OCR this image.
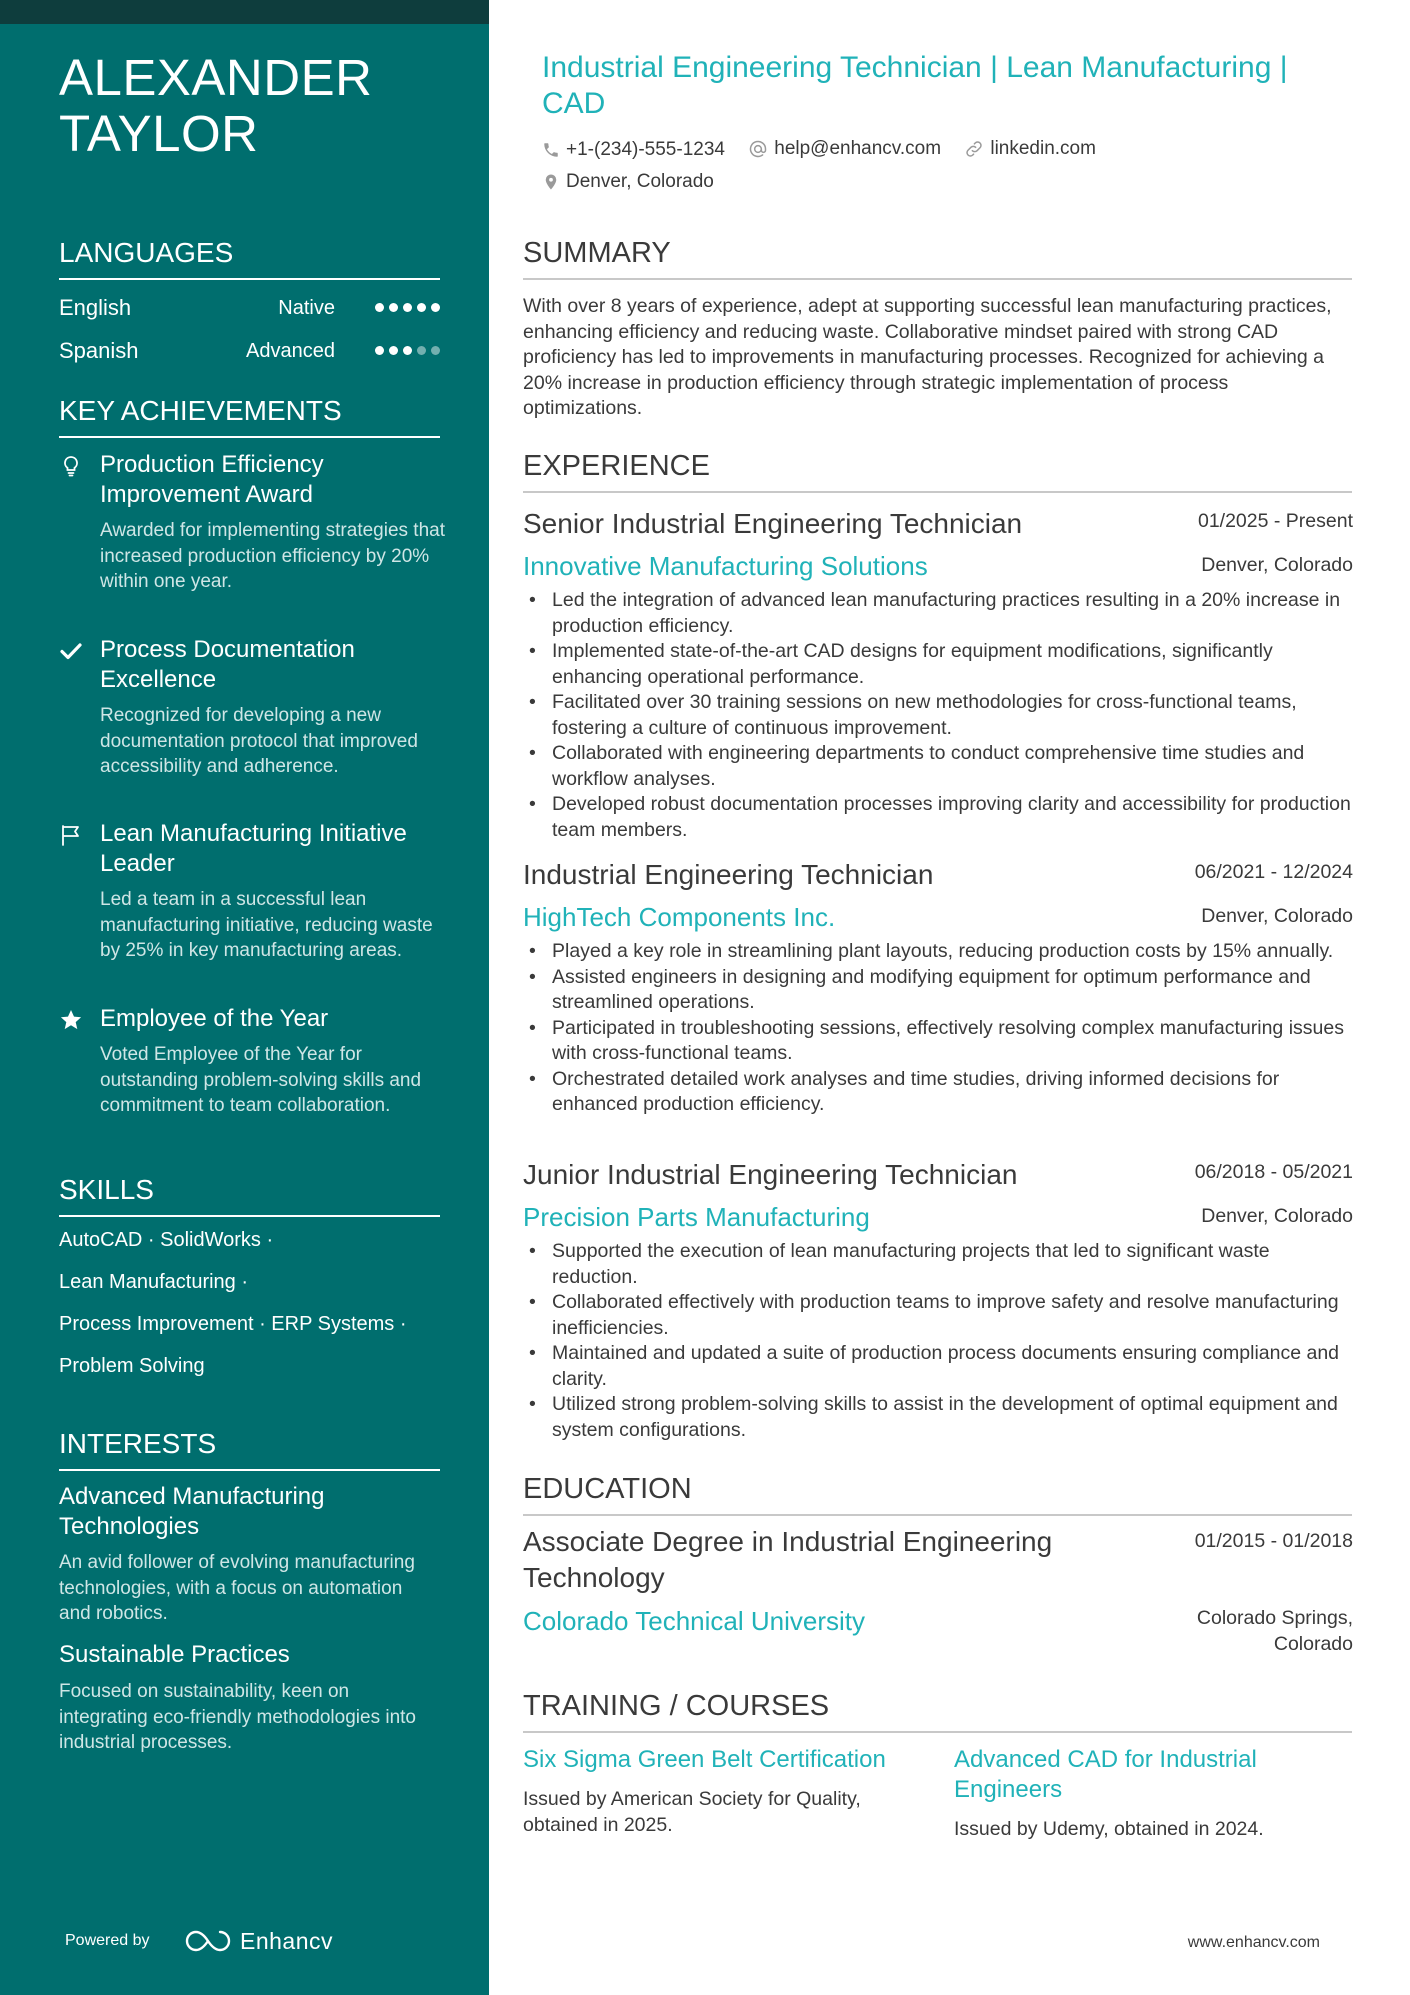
ALEXANDER TAYLOR
LANGUAGES
English	Native
Spanish	Advanced
KEY ACHIEVEMENTS
Production Efficiency Improvement Award
Awarded for implementing strategies that increased production efficiency by 20% within one year.
Process Documentation Excellence
Recognized for developing a new documentation protocol that improved accessibility and adherence.
Lean Manufacturing Initiative Leader
Led a team in a successful lean manufacturing initiative, reducing waste by 25% in key manufacturing areas.
Employee of the Year
Voted Employee of the Year for outstanding problem-solving skills and commitment to team collaboration.
SKILLS
AutoCAD · SolidWorks ·
Lean Manufacturing ·
Process Improvement · ERP Systems ·
Problem Solving
INTERESTS
Advanced Manufacturing Technologies
An avid follower of evolving manufacturing technologies, with a focus on automation and robotics.
Sustainable Practices
Focused on sustainability, keen on integrating eco-friendly methodologies into industrial processes.
Powered by	Enhancv
Industrial Engineering Technician | Lean Manufacturing | CAD
+1-(234)-555-1234
	help@enhancv.com
	linkedin.com
Denver, Colorado
SUMMARY

With over 8 years of experience, adept at supporting successful lean manufacturing practices, enhancing efficiency and reducing waste. Collaborative mindset paired with strong CAD proficiency has led to improvements in manufacturing processes. Recognized for achieving a 20% increase in production efficiency through strategic implementation of process optimizations.

EXPERIENCE
Senior Industrial Engineering Technician	01/2025 - Present
Innovative Manufacturing Solutions	Denver, Colorado
• Led the integration of advanced lean manufacturing practices resulting in a 20% increase in production efficiency.
• Implemented state-of-the-art CAD designs for equipment modifications, significantly enhancing operational performance.
• Facilitated over 30 training sessions on new methodologies for cross-functional teams, fostering a culture of continuous improvement.
• Collaborated with engineering departments to conduct comprehensive time studies and workflow analyses.
• Developed robust documentation processes improving clarity and accessibility for production team members.
Industrial Engineering Technician	06/2021 - 12/2024
HighTech Components Inc.	Denver, Colorado
• Played a key role in streamlining plant layouts, reducing production costs by 15% annually.
• Assisted engineers in designing and modifying equipment for optimum performance and streamlined operations.
• Participated in troubleshooting sessions, effectively resolving complex manufacturing issues with cross-functional teams.
• Orchestrated detailed work analyses and time studies, driving informed decisions for enhanced production efficiency.
Junior Industrial Engineering Technician	06/2018 - 05/2021
Precision Parts Manufacturing	Denver, Colorado
• Supported the execution of lean manufacturing projects that led to significant waste reduction.
• Collaborated effectively with production teams to improve safety and resolve manufacturing inefficiencies.
• Maintained and updated a suite of production process documents ensuring compliance and clarity.
• Utilized strong problem-solving skills to assist in the development of optimal equipment and system configurations.
EDUCATION
Associate Degree in Industrial Engineering Technology
01/2015 - 01/2018
Colorado Technical University	Colorado Springs, Colorado
TRAINING / COURSES
Six Sigma Green Belt Certification
Issued by American Society for Quality, obtained in 2025.
Advanced CAD for Industrial Engineers
Issued by Udemy, obtained in 2024.
www.enhancv.com
